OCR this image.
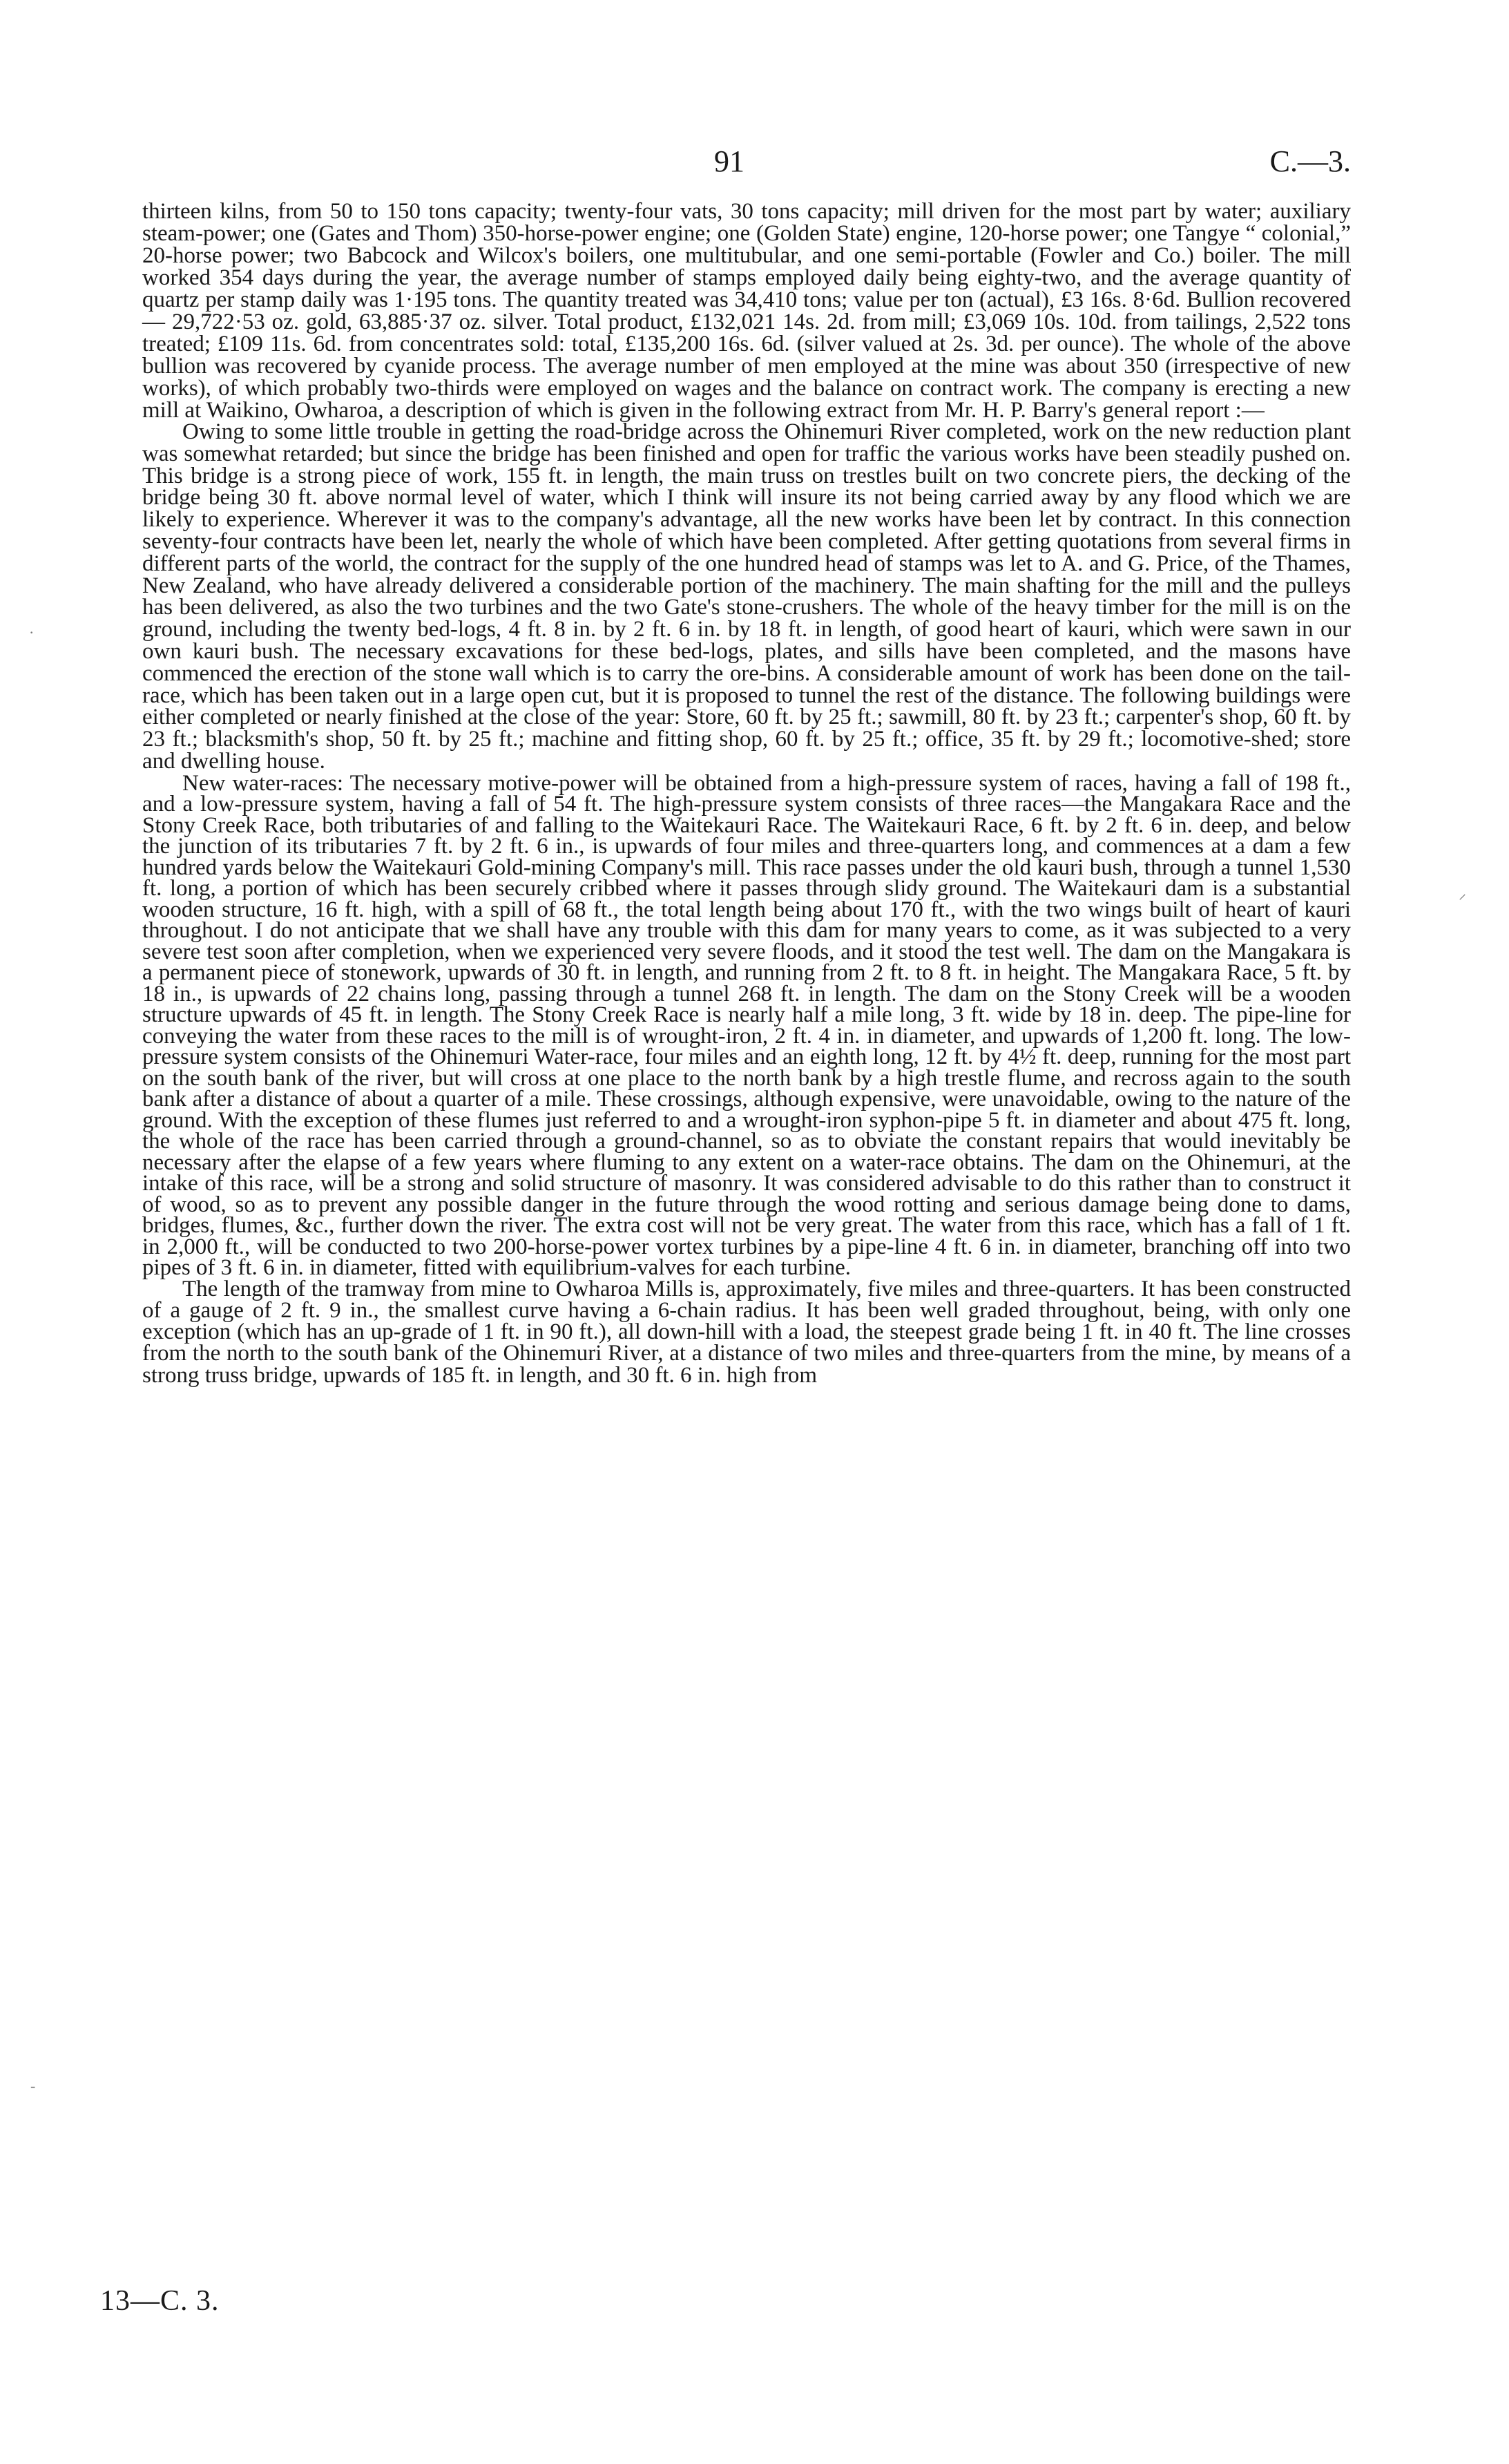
91	C.—3.

thirteen kilns, from 50 to 150 tons capacity; twenty-four vats, 30 tons capacity; mill driven for the most part by water; auxiliary steam-power; one (Gates and Thom) 350-horse-power engine; one (Golden State) engine, 120-horse power; one Tangye “ colonial,” 20-horse power; two Babcock and Wilcox's boilers, one multitubular, and one semi-portable (Fowler and Co.) boiler. The mill worked 354 days during the year, the average number of stamps employed daily being eighty-two, and the average quantity of quartz per stamp daily was 1·195 tons. The quantity treated was 34,410 tons; value per ton (actual), £3 16s. 8·6d. Bullion recovered — 29,722·53 oz. gold, 63,885·37 oz. silver. Total product, £132,021 14s. 2d. from mill; £3,069 10s. 10d. from tailings, 2,522 tons treated; £109 11s. 6d. from concentrates sold: total, £135,200 16s. 6d. (silver valued at 2s. 3d. per ounce). The whole of the above bullion was recovered by cyanide process. The average number of men employed at the mine was about 350 (irrespective of new works), of which probably two-thirds were employed on wages and the balance on contract work. The company is erecting a new mill at Waikino, Owharoa, a description of which is given in the following extract from Mr. H. P. Barry's general report :—

Owing to some little trouble in getting the road-bridge across the Ohinemuri River completed, work on the new reduction plant was somewhat retarded; but since the bridge has been finished and open for traffic the various works have been steadily pushed on. This bridge is a strong piece of work, 155 ft. in length, the main truss on trestles built on two concrete piers, the decking of the bridge being 30 ft. above normal level of water, which I think will insure its not being carried away by any flood which we are likely to experience. Wherever it was to the company's advantage, all the new works have been let by contract. In this connection seventy-four contracts have been let, nearly the whole of which have been completed. After getting quotations from several firms in different parts of the world, the contract for the supply of the one hundred head of stamps was let to A. and G. Price, of the Thames, New Zealand, who have already delivered a considerable portion of the machinery. The main shafting for the mill and the pulleys has been delivered, as also the two turbines and the two Gate's stone-crushers. The whole of the heavy timber for the mill is on the ground, including the twenty bed-logs, 4 ft. 8 in. by 2 ft. 6 in. by 18 ft. in length, of good heart of kauri, which were sawn in our own kauri bush. The necessary excavations for these bed-logs, plates, and sills have been completed, and the masons have commenced the erection of the stone wall which is to carry the ore-bins. A considerable amount of work has been done on the tail-race, which has been taken out in a large open cut, but it is proposed to tunnel the rest of the distance. The following buildings were either completed or nearly finished at the close of the year: Store, 60 ft. by 25 ft.; sawmill, 80 ft. by 23 ft.; carpenter's shop, 60 ft. by 23 ft.; blacksmith's shop, 50 ft. by 25 ft.; machine and fitting shop, 60 ft. by 25 ft.; office, 35 ft. by 29 ft.; locomotive-shed; store and dwelling house.

New water-races: The necessary motive-power will be obtained from a high-pressure system of races, having a fall of 198 ft., and a low-pressure system, having a fall of 54 ft. The high-pressure system consists of three races—the Mangakara Race and the Stony Creek Race, both tributaries of and falling to the Waitekauri Race. The Waitekauri Race, 6 ft. by 2 ft. 6 in. deep, and below the junction of its tributaries 7 ft. by 2 ft. 6 in., is upwards of four miles and three-quarters long, and commences at a dam a few hundred yards below the Waitekauri Gold-mining Company's mill. This race passes under the old kauri bush, through a tunnel 1,530 ft. long, a portion of which has been securely cribbed where it passes through slidy ground. The Waitekauri dam is a substantial wooden structure, 16 ft. high, with a spill of 68 ft., the total length being about 170 ft., with the two wings built of heart of kauri throughout. I do not anticipate that we shall have any trouble with this dam for many years to come, as it was subjected to a very severe test soon after completion, when we experienced very severe floods, and it stood the test well. The dam on the Mangakara is a permanent piece of stonework, upwards of 30 ft. in length, and running from 2 ft. to 8 ft. in height. The Mangakara Race, 5 ft. by 18 in., is upwards of 22 chains long, passing through a tunnel 268 ft. in length. The dam on the Stony Creek will be a wooden structure upwards of 45 ft. in length. The Stony Creek Race is nearly half a mile long, 3 ft. wide by 18 in. deep. The pipe-line for conveying the water from these races to the mill is of wrought-iron, 2 ft. 4 in. in diameter, and upwards of 1,200 ft. long. The low-pressure system consists of the Ohinemuri Water-race, four miles and an eighth long, 12 ft. by 4½ ft. deep, running for the most part on the south bank of the river, but will cross at one place to the north bank by a high trestle flume, and recross again to the south bank after a distance of about a quarter of a mile. These crossings, although expensive, were unavoidable, owing to the nature of the ground. With the exception of these flumes just referred to and a wrought-iron syphon-pipe 5 ft. in diameter and about 475 ft. long, the whole of the race has been carried through a ground-channel, so as to obviate the constant repairs that would inevitably be necessary after the elapse of a few years where fluming to any extent on a water-race obtains. The dam on the Ohinemuri, at the intake of this race, will be a strong and solid structure of masonry. It was considered advisable to do this rather than to construct it of wood, so as to prevent any possible danger in the future through the wood rotting and serious damage being done to dams, bridges, flumes, &c., further down the river. The extra cost will not be very great. The water from this race, which has a fall of 1 ft. in 2,000 ft., will be conducted to two 200-horse-power vortex turbines by a pipe-line 4 ft. 6 in. in diameter, branching off into two pipes of 3 ft. 6 in. in diameter, fitted with equilibrium-valves for each turbine.

The length of the tramway from mine to Owharoa Mills is, approximately, five miles and three-quarters. It has been constructed of a gauge of 2 ft. 9 in., the smallest curve having a 6-chain radius. It has been well graded throughout, being, with only one exception (which has an up-grade of 1 ft. in 90 ft.), all down-hill with a load, the steepest grade being 1 ft. in 40 ft. The line crosses from the north to the south bank of the Ohinemuri River, at a distance of two miles and three-quarters from the mine, by means of a strong truss bridge, upwards of 185 ft. in length, and 30 ft. 6 in. high from

13—C. 3.
·
⸝
-
